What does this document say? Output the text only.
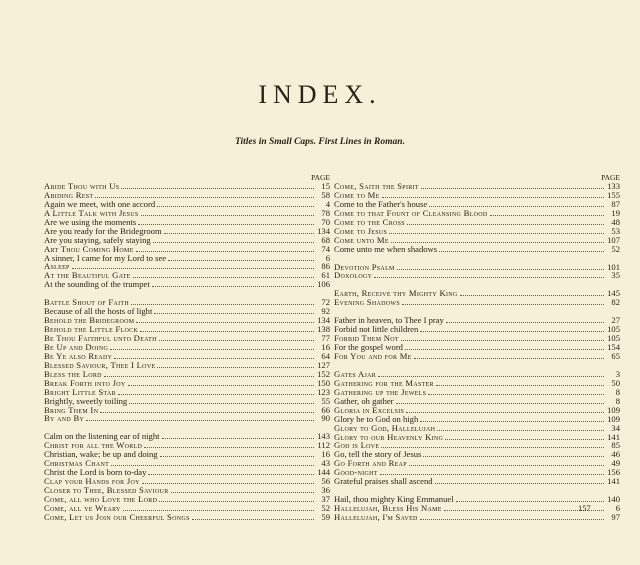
INDEX.
Titles in Small Caps. First Lines in Roman.
PAGE
Abide Thou with Us	15
Abiding Rest	58
Again we meet, with one accord	4
A Little Talk with Jesus	78
Are we using the moments	70
Are you ready for the Bridegroom	134
Are you staying, safely staying	68
Art Thou Coming Home	74
A sinner, I came for my Lord to see	6
Asleep	86
At the Beautiful Gate	61
At the sounding of the trumpet	106
Battle Shout of Faith	72
Because of all the hosts of light	92
Behold the Bridegroom	134
Behold the Little Flock	138
Be Thou Faithful unto Death	77
Be Up and Doing	16
Be Ye also Ready	64
Blessed Saviour, Thee I Love	127
Bless the Lord	152
Break Forth into Joy	150
Bright Little Star	123
Brightly, sweetly toiling	55
Bring Them In	66
By and By	90
Calm on the listening ear of night	143
Christ for all the World	112
Christian, wake; be up and doing	16
Christmas Chant	43
Christ the Lord is born to-day	144
Clap your Hands for Joy	56
Closer to Thee, Blessed Saviour	36
Come, all who Love the Lord	37
Come, all ye Weary	52
Come, Let us Join our Cheerful Songs	59
PAGE
Come, Saith the Spirit	133
Come to Me	155
Come to the Father's house	87
Come to that Fount of Cleansing Blood	19
Come to the Cross	48
Come to Jesus	53
Come unto Me	107
Come unto me when shadows	52
Devotion Psalm	101
Doxology	35
Earth, Receive thy Mighty King	145
Evening Shadows	82
Father in heaven, to Thee I pray	27
Forbid not little children	105
Forbid Them Not	105
For the gospel word	154
For You and for Me	65
Gates Ajar	3
Gathering for the Master	50
Gathering up the Jewels	8
Gather, oh gather	8
Gloria in Excelsis	109
Glory be to God on high	109
Glory to God, Hallelujah	34
Glory to our Heavenly King	141
God is Love	85
Go, tell the story of Jesus	46
Go Forth and Reap	49
Good-night	156
Grateful praises shall ascend	141
Hail, thou mighty King Emmanuel	140
Hallelujah, Bless His Name	6
Hallelujah, I'm Saved	97
157
